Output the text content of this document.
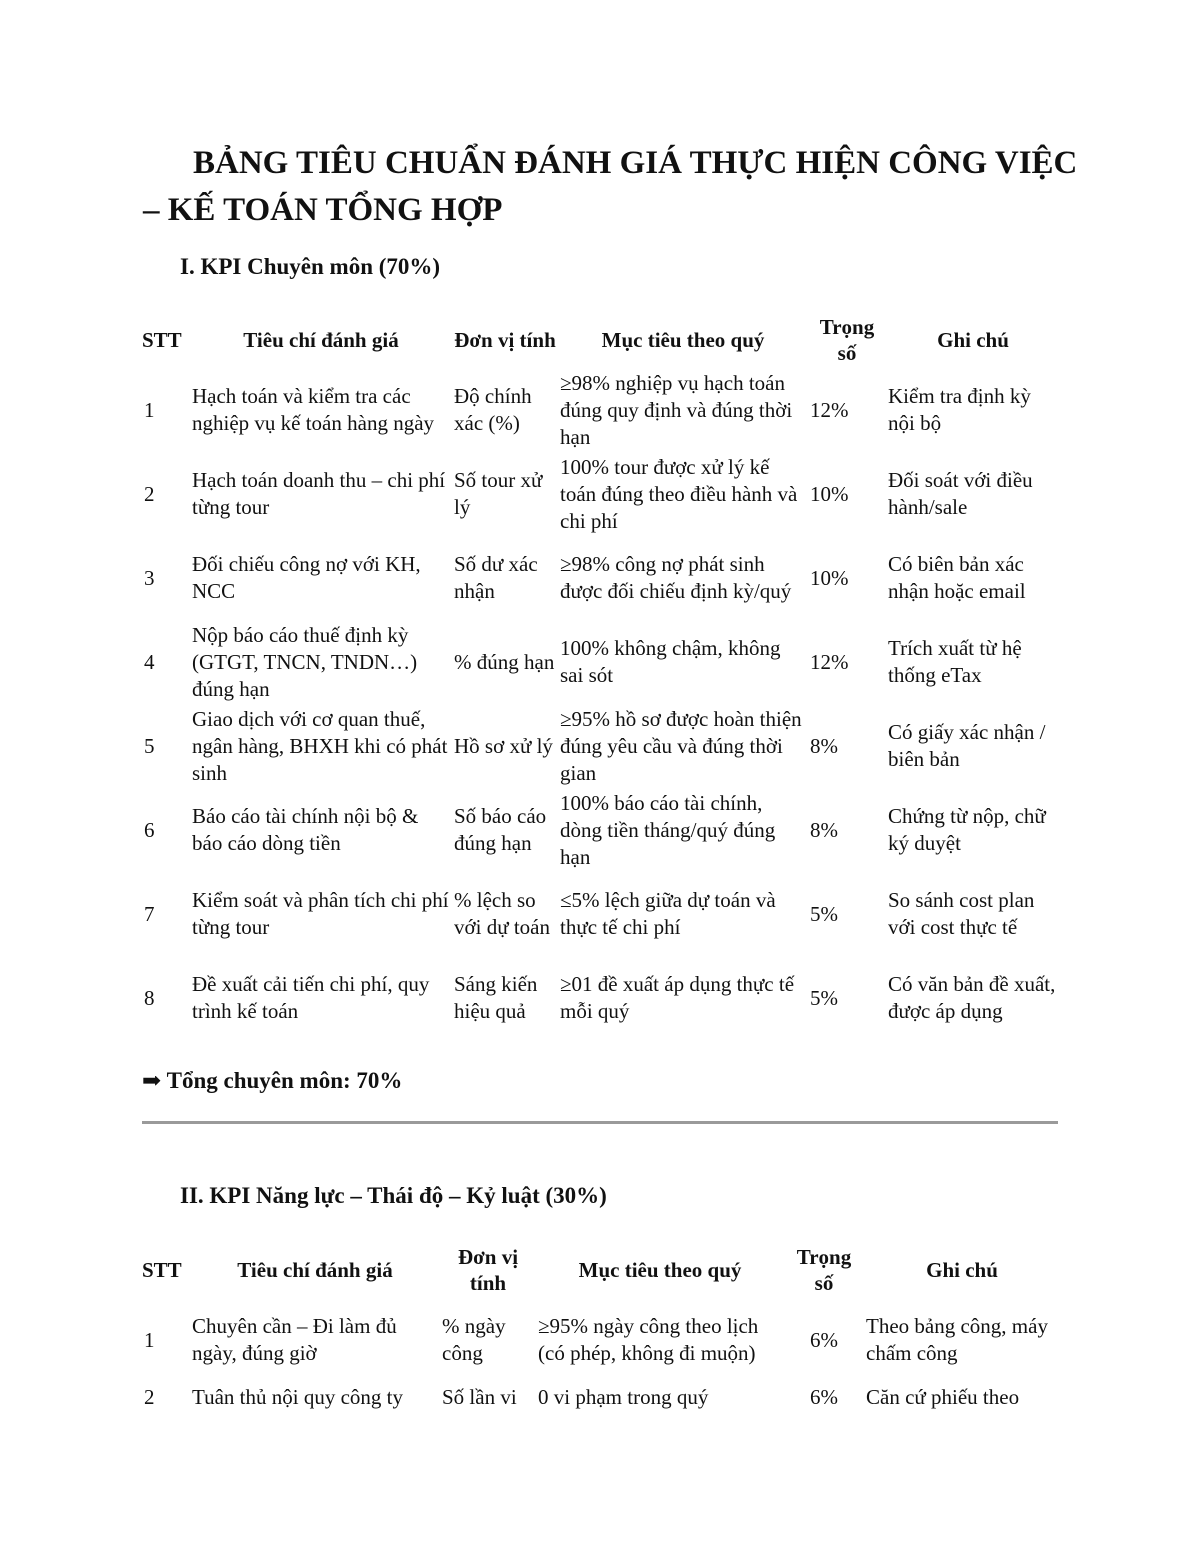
BẢNG TIÊU CHUẨN ĐÁNH GIÁ THỰC HIỆN CÔNG VIỆC – KẾ TOÁN TỔNG HỢP
I. KPI Chuyên môn (70%)
STT	Tiêu chí đánh giá	Đơn vị tính	Mục tiêu theo quý	Trọng số	Ghi chú
1	Hạch toán và kiểm tra các nghiệp vụ kế toán hàng ngày	Độ chính xác (%)	≥98% nghiệp vụ hạch toán đúng quy định và đúng thời hạn	12%	Kiểm tra định kỳ nội bộ
2	Hạch toán doanh thu – chi phí từng tour	Số tour xử lý	100% tour được xử lý kế toán đúng theo điều hành và chi phí	10%	Đối soát với điều hành/sale
3	Đối chiếu công nợ với KH, NCC	Số dư xác nhận	≥98% công nợ phát sinh được đối chiếu định kỳ/quý	10%	Có biên bản xác nhận hoặc email
4	Nộp báo cáo thuế định kỳ (GTGT, TNCN, TNDN…) đúng hạn	% đúng hạn	100% không chậm, không sai sót	12%	Trích xuất từ hệ thống eTax
5	Giao dịch với cơ quan thuế, ngân hàng, BHXH khi có phát sinh	Hồ sơ xử lý	≥95% hồ sơ được hoàn thiện đúng yêu cầu và đúng thời gian	8%	Có giấy xác nhận / biên bản
6	Báo cáo tài chính nội bộ & báo cáo dòng tiền	Số báo cáo đúng hạn	100% báo cáo tài chính, dòng tiền tháng/quý đúng hạn	8%	Chứng từ nộp, chữ ký duyệt
7	Kiểm soát và phân tích chi phí từng tour	% lệch so với dự toán	≤5% lệch giữa dự toán và thực tế chi phí	5%	So sánh cost plan với cost thực tế
8	Đề xuất cải tiến chi phí, quy trình kế toán	Sáng kiến hiệu quả	≥01 đề xuất áp dụng thực tế mỗi quý	5%	Có văn bản đề xuất, được áp dụng
➡ Tổng chuyên môn: 70%
II. KPI Năng lực – Thái độ – Kỷ luật (30%)
STT	Tiêu chí đánh giá	Đơn vị tính	Mục tiêu theo quý	Trọng số	Ghi chú
1	Chuyên cần – Đi làm đủ ngày, đúng giờ	% ngày công	≥95% ngày công theo lịch (có phép, không đi muộn)	6%	Theo bảng công, máy chấm công
2	Tuân thủ nội quy công ty	Số lần vi	0 vi phạm trong quý	6%	Căn cứ phiếu theo
